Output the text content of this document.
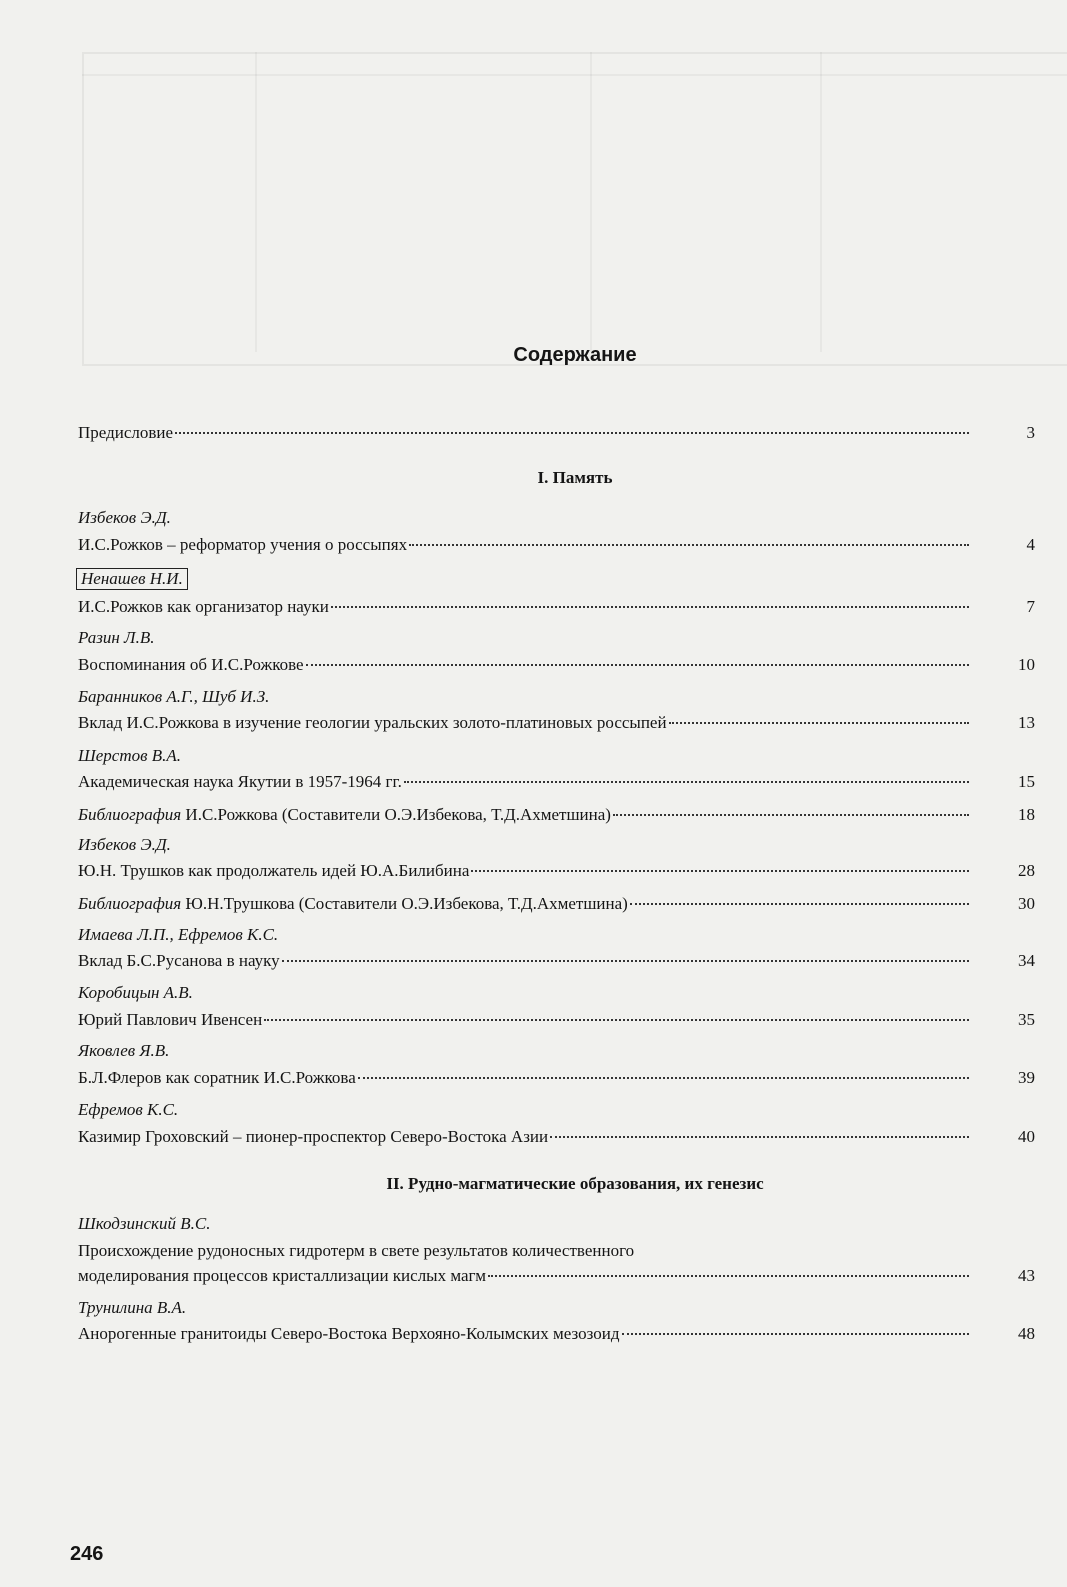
Содержание
Предисловие	3
I. Память
Избеков Э.Д.
И.С.Рожков – реформатор учения о россыпях	4
Ненашев Н.И.
И.С.Рожков как организатор науки	7
Разин Л.В.
Воспоминания об И.С.Рожкове	10
Баранников А.Г., Шуб И.З.
Вклад И.С.Рожкова в изучение геологии уральских золото-платиновых россыпей	13
Шерстов В.А.
Академическая наука Якутии в 1957-1964 гг.	15
Библиография И.С.Рожкова (Составители О.Э.Избекова, Т.Д.Ахметшина)	18
Избеков Э.Д.
Ю.Н. Трушков как продолжатель идей Ю.А.Билибина	28
Библиография Ю.Н.Трушкова (Составители О.Э.Избекова, Т.Д.Ахметшина)	30
Имаева Л.П., Ефремов К.С.
Вклад Б.С.Русанова в науку	34
Коробицын А.В.
Юрий Павлович Ивенсен	35
Яковлев Я.В.
Б.Л.Флеров как соратник И.С.Рожкова	39
Ефремов К.С.
Казимир Гроховский – пионер-проспектор Северо-Востока Азии	40
II. Рудно-магматические образования, их генезис
Шкодзинский В.С.
Происхождение рудоносных гидротерм в свете результатов количественного
моделирования процессов кристаллизации кислых магм	43
Трунилина В.А.
Анорогенные гранитоиды Северо-Востока Верхояно-Колымских мезозоид	48
246
